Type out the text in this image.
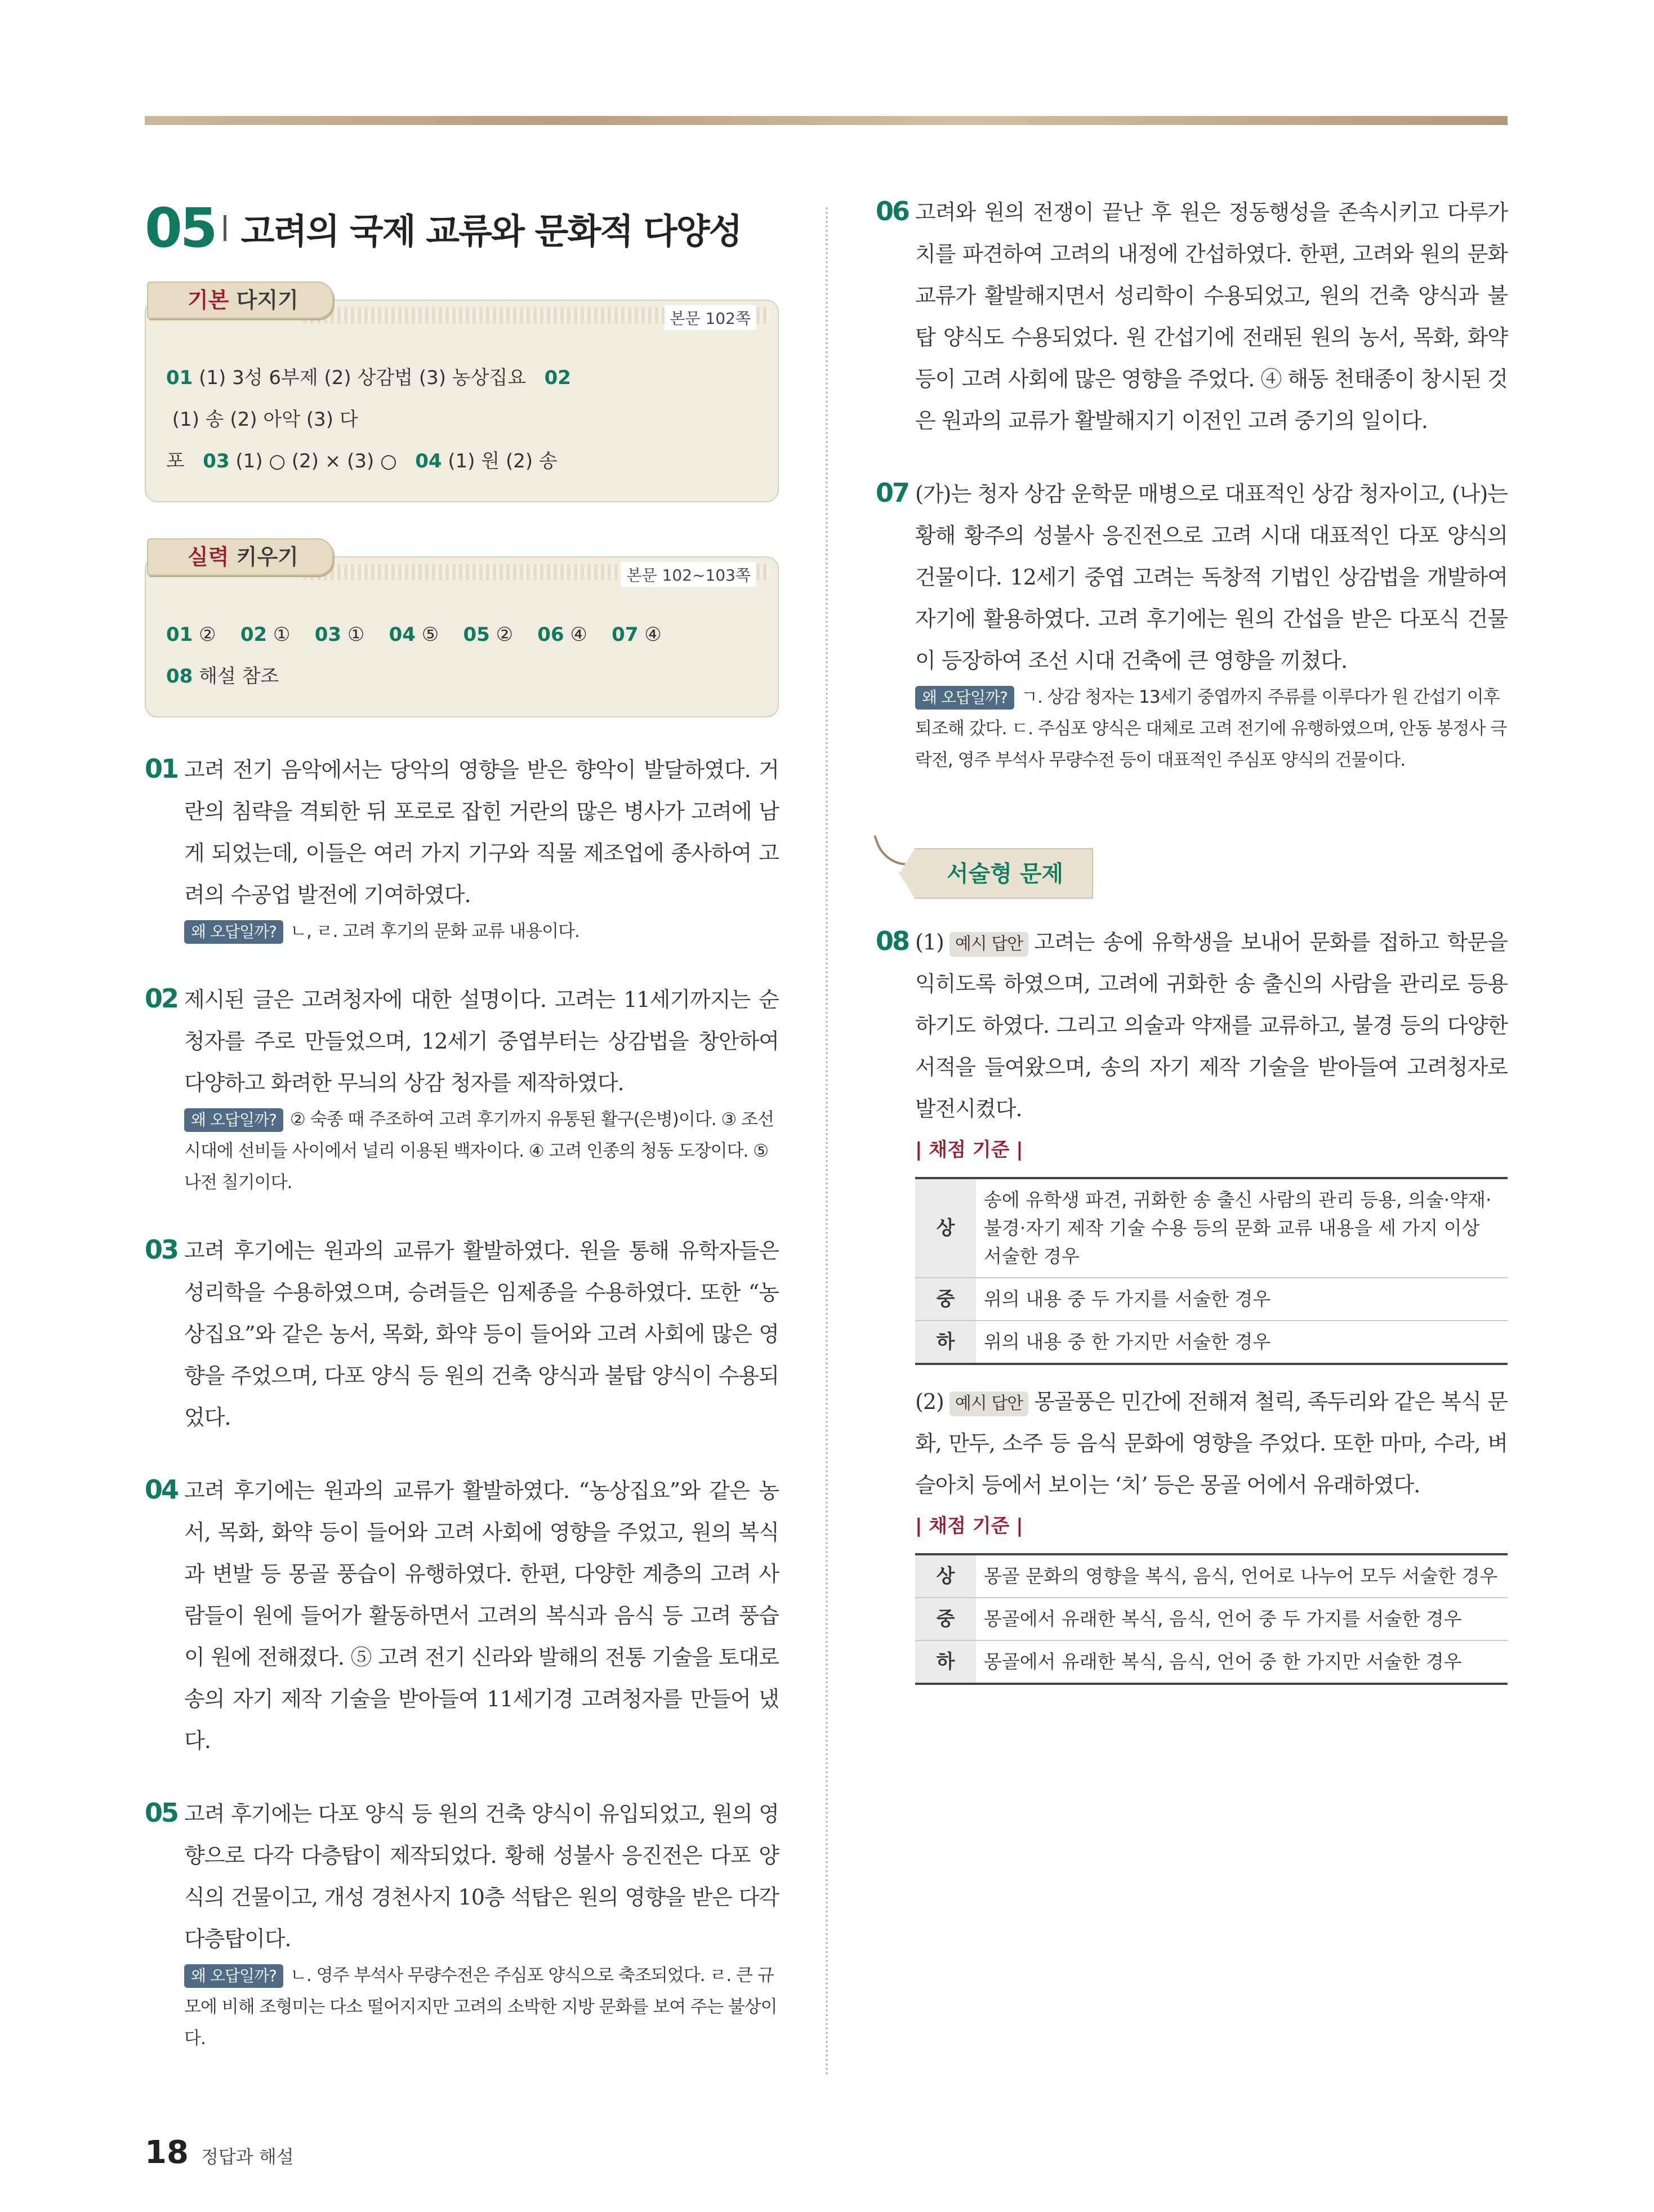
05 고려의 국제 교류와 문화적 다양성
기본 다지기
본문 102쪽
01 (1) 3성 6부제 (2) 상감법 (3) 농상집요   02 (1) 송 (2) 아악 (3) 다
포   03 (1) ○ (2) × (3) ○   04 (1) 원 (2) 송
실력 키우기
본문 102~103쪽
01 ②    02 ①    03 ①    04 ⑤    05 ②    06 ④    07 ④
08 해설 참조
01 고려 전기 음악에서는 당악의 영향을 받은 향악이 발달하였다. 거란의 침략을 격퇴한 뒤 포로로 잡힌 거란의 많은 병사가 고려에 남게 되었는데, 이들은 여러 가지 기구와 직물 제조업에 종사하여 고려의 수공업 발전에 기여하였다.
왜 오답일까? ㄴ, ㄹ. 고려 후기의 문화 교류 내용이다.
02 제시된 글은 고려청자에 대한 설명이다. 고려는 11세기까지는 순청자를 주로 만들었으며, 12세기 중엽부터는 상감법을 창안하여 다양하고 화려한 무늬의 상감 청자를 제작하였다.
왜 오답일까? ② 숙종 때 주조하여 고려 후기까지 유통된 활구(은병)이다. ③ 조선 시대에 선비들 사이에서 널리 이용된 백자이다. ④ 고려 인종의 청동 도장이다. ⑤ 나전 칠기이다.
03 고려 후기에는 원과의 교류가 활발하였다. 원을 통해 유학자들은 성리학을 수용하였으며, 승려들은 임제종을 수용하였다. 또한 “농상집요”와 같은 농서, 목화, 화약 등이 들어와 고려 사회에 많은 영향을 주었으며, 다포 양식 등 원의 건축 양식과 불탑 양식이 수용되었다.
04 고려 후기에는 원과의 교류가 활발하였다. “농상집요”와 같은 농서, 목화, 화약 등이 들어와 고려 사회에 영향을 주었고, 원의 복식과 변발 등 몽골 풍습이 유행하였다. 한편, 다양한 계층의 고려 사람들이 원에 들어가 활동하면서 고려의 복식과 음식 등 고려 풍습이 원에 전해졌다. ⑤ 고려 전기 신라와 발해의 전통 기술을 토대로 송의 자기 제작 기술을 받아들여 11세기경 고려청자를 만들어 냈다.
05 고려 후기에는 다포 양식 등 원의 건축 양식이 유입되었고, 원의 영향으로 다각 다층탑이 제작되었다. 황해 성불사 응진전은 다포 양식의 건물이고, 개성 경천사지 10층 석탑은 원의 영향을 받은 다각 다층탑이다.
왜 오답일까? ㄴ. 영주 부석사 무량수전은 주심포 양식으로 축조되었다. ㄹ. 큰 규모에 비해 조형미는 다소 떨어지지만 고려의 소박한 지방 문화를 보여 주는 불상이다.
06 고려와 원의 전쟁이 끝난 후 원은 정동행성을 존속시키고 다루가치를 파견하여 고려의 내정에 간섭하였다. 한편, 고려와 원의 문화 교류가 활발해지면서 성리학이 수용되었고, 원의 건축 양식과 불탑 양식도 수용되었다. 원 간섭기에 전래된 원의 농서, 목화, 화약 등이 고려 사회에 많은 영향을 주었다. ④ 해동 천태종이 창시된 것은 원과의 교류가 활발해지기 이전인 고려 중기의 일이다.
07 (가)는 청자 상감 운학문 매병으로 대표적인 상감 청자이고, (나)는 황해 황주의 성불사 응진전으로 고려 시대 대표적인 다포 양식의 건물이다. 12세기 중엽 고려는 독창적 기법인 상감법을 개발하여 자기에 활용하였다. 고려 후기에는 원의 간섭을 받은 다포식 건물이 등장하여 조선 시대 건축에 큰 영향을 끼쳤다.
왜 오답일까? ㄱ. 상감 청자는 13세기 중엽까지 주류를 이루다가 원 간섭기 이후 퇴조해 갔다. ㄷ. 주심포 양식은 대체로 고려 전기에 유행하였으며, 안동 봉정사 극락전, 영주 부석사 무량수전 등이 대표적인 주심포 양식의 건물이다.
서술형 문제
08 (1) 예시 답안 고려는 송에 유학생을 보내어 문화를 접하고 학문을 익히도록 하였으며, 고려에 귀화한 송 출신의 사람을 관리로 등용하기도 하였다. 그리고 의술과 약재를 교류하고, 불경 등의 다양한 서적을 들여왔으며, 송의 자기 제작 기술을 받아들여 고려청자로 발전시켰다.
| 채점 기준 |
상	송에 유학생 파견, 귀화한 송 출신 사람의 관리 등용, 의술·약재·불경·자기 제작 기술 수용 등의 문화 교류 내용을 세 가지 이상 서술한 경우
중	위의 내용 중 두 가지를 서술한 경우
하	위의 내용 중 한 가지만 서술한 경우
(2) 예시 답안 몽골풍은 민간에 전해져 철릭, 족두리와 같은 복식 문화, 만두, 소주 등 음식 문화에 영향을 주었다. 또한 마마, 수라, 벼슬아치 등에서 보이는 ‘치’ 등은 몽골 어에서 유래하였다.
| 채점 기준 |
상	몽골 문화의 영향을 복식, 음식, 언어로 나누어 모두 서술한 경우
중	몽골에서 유래한 복식, 음식, 언어 중 두 가지를 서술한 경우
하	몽골에서 유래한 복식, 음식, 언어 중 한 가지만 서술한 경우
18 정답과 해설
